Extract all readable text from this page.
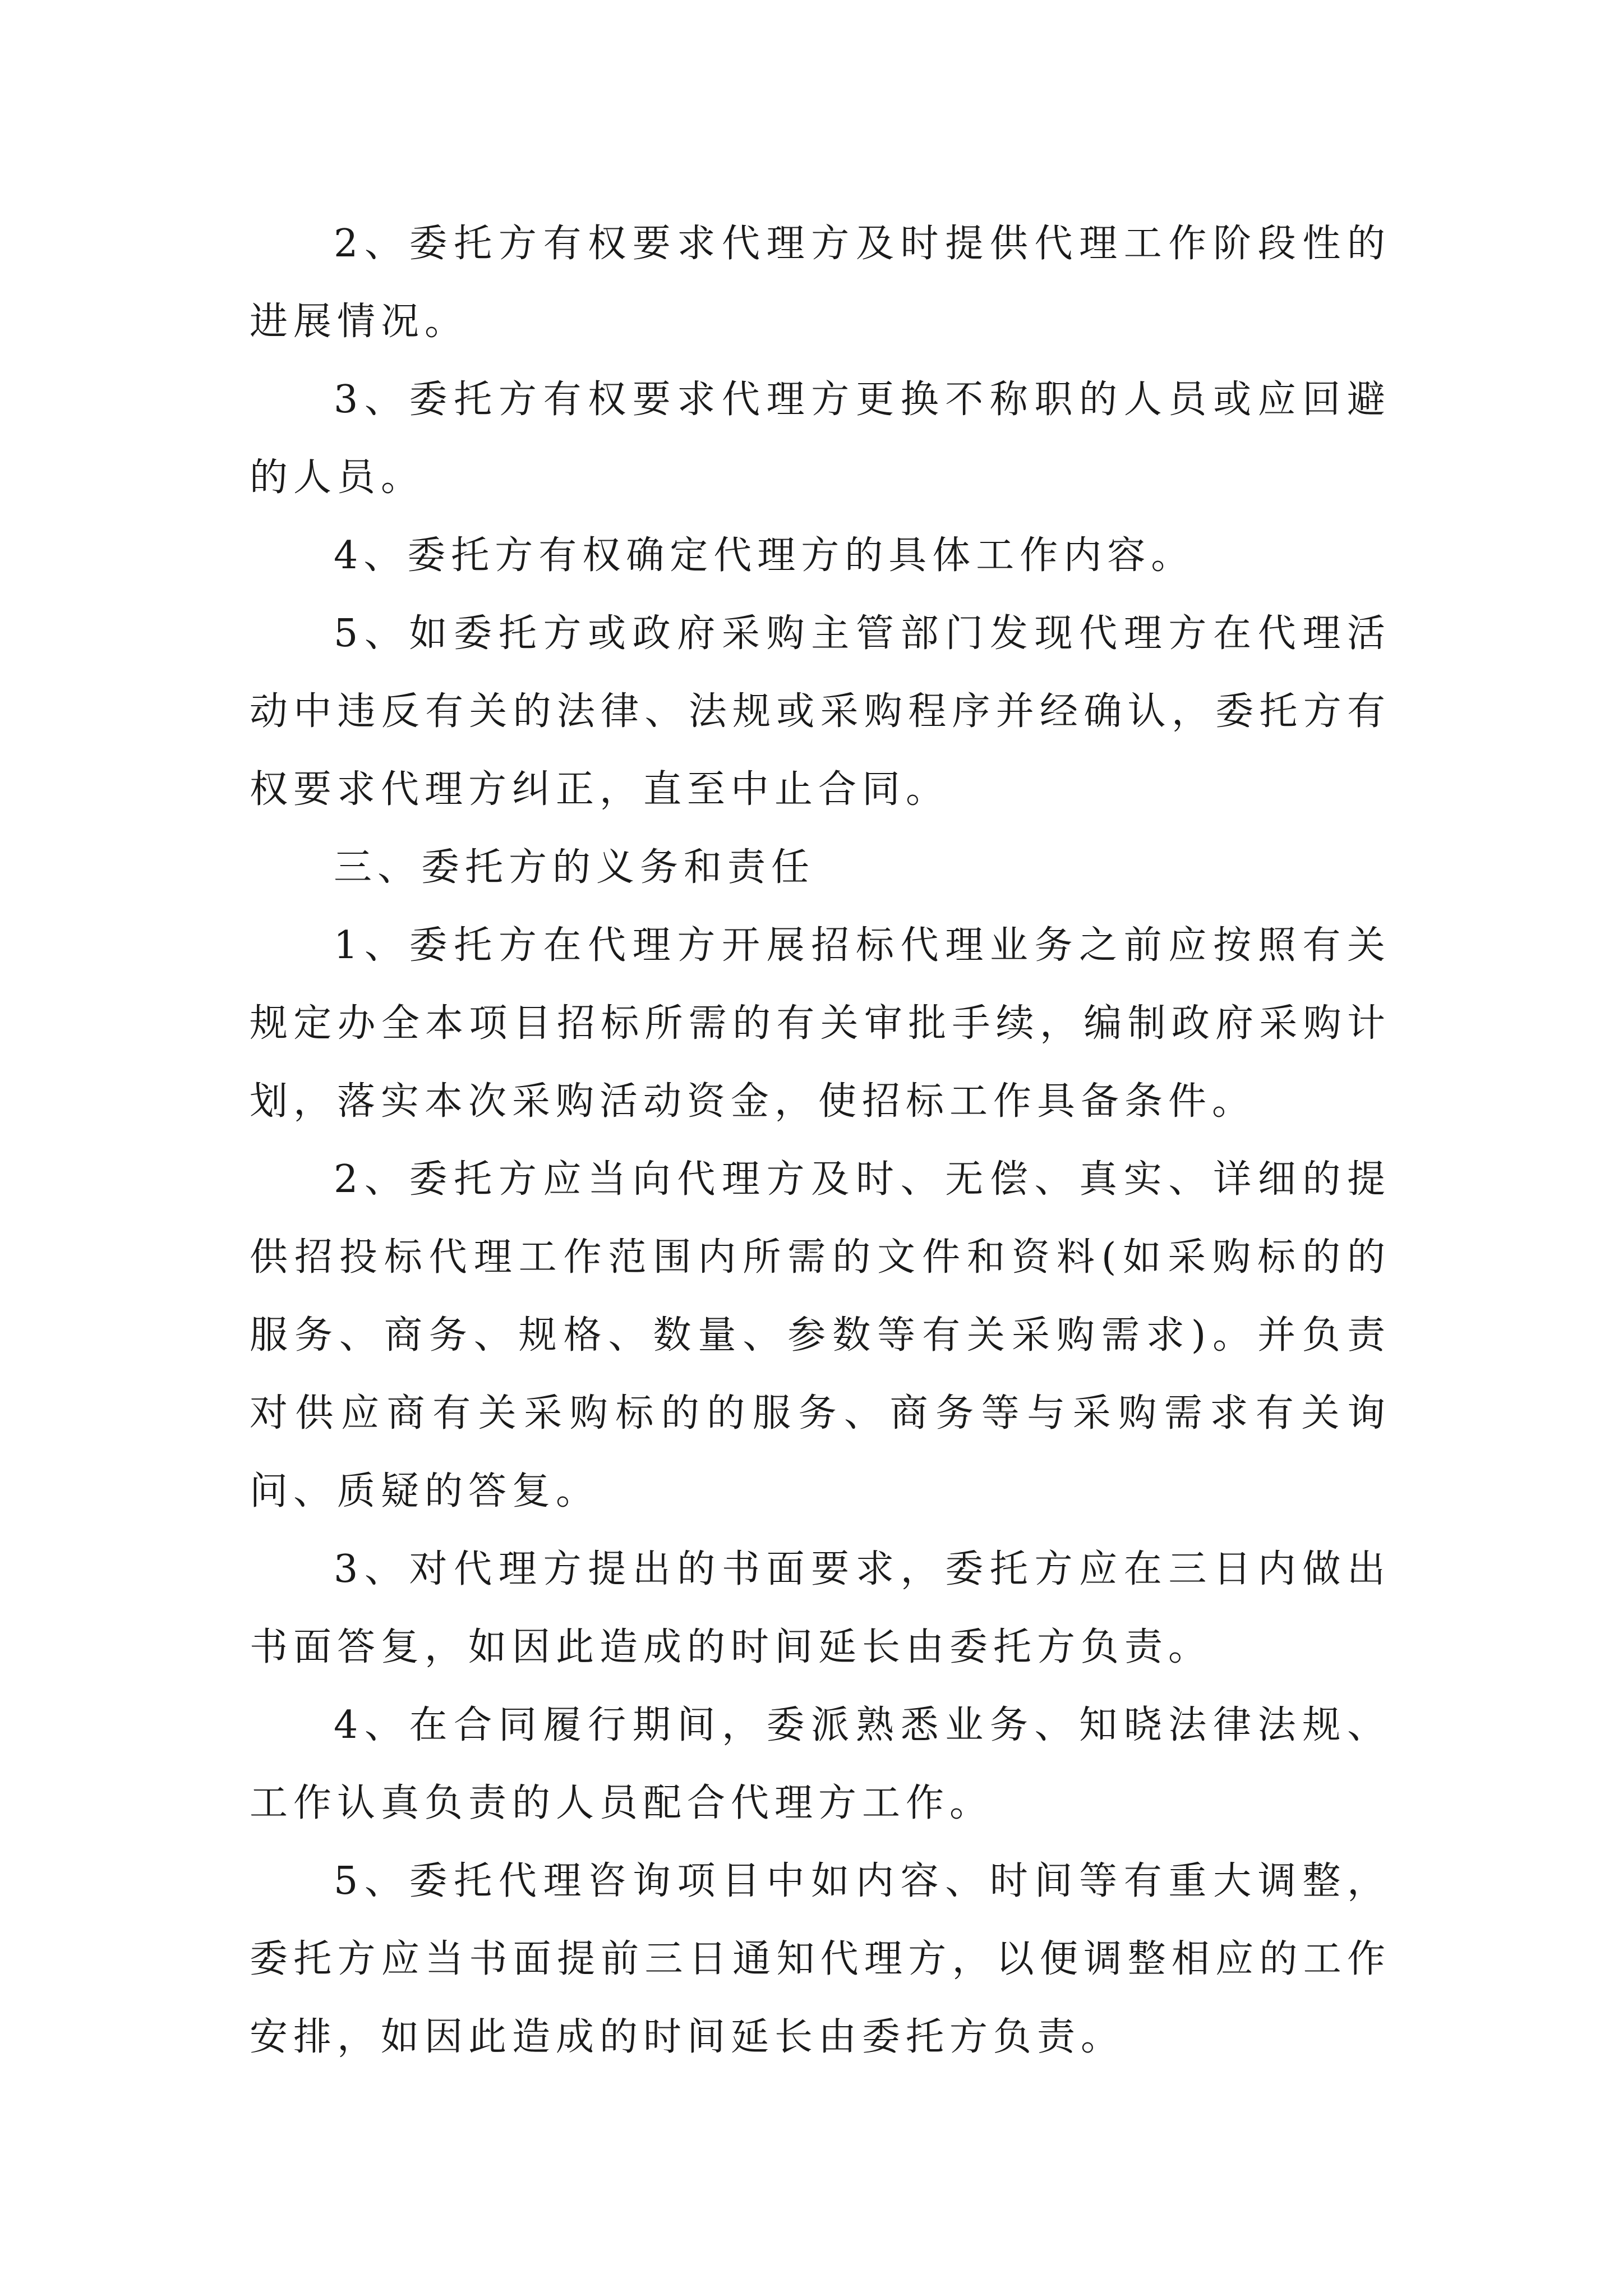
2、委托方有权要求代理方及时提供代理工作阶段性的进展情况。

3、委托方有权要求代理方更换不称职的人员或应回避的人员。

4、委托方有权确定代理方的具体工作内容。

5、如委托方或政府采购主管部门发现代理方在代理活动中违反有关的法律、法规或采购程序并经确认，委托方有权要求代理方纠正，直至中止合同。

三、委托方的义务和责任

1、委托方在代理方开展招标代理业务之前应按照有关规定办全本项目招标所需的有关审批手续，编制政府采购计划，落实本次采购活动资金，使招标工作具备条件。

2、委托方应当向代理方及时、无偿、真实、详细的提供招投标代理工作范围内所需的文件和资料(如采购标的的服务、商务、规格、数量、参数等有关采购需求)。并负责对供应商有关采购标的的服务、商务等与采购需求有关询问、质疑的答复。

3、对代理方提出的书面要求，委托方应在三日内做出书面答复，如因此造成的时间延长由委托方负责。

4、在合同履行期间，委派熟悉业务、知晓法律法规、工作认真负责的人员配合代理方工作。

5、委托代理咨询项目中如内容、时间等有重大调整，委托方应当书面提前三日通知代理方，以便调整相应的工作安排，如因此造成的时间延长由委托方负责。
